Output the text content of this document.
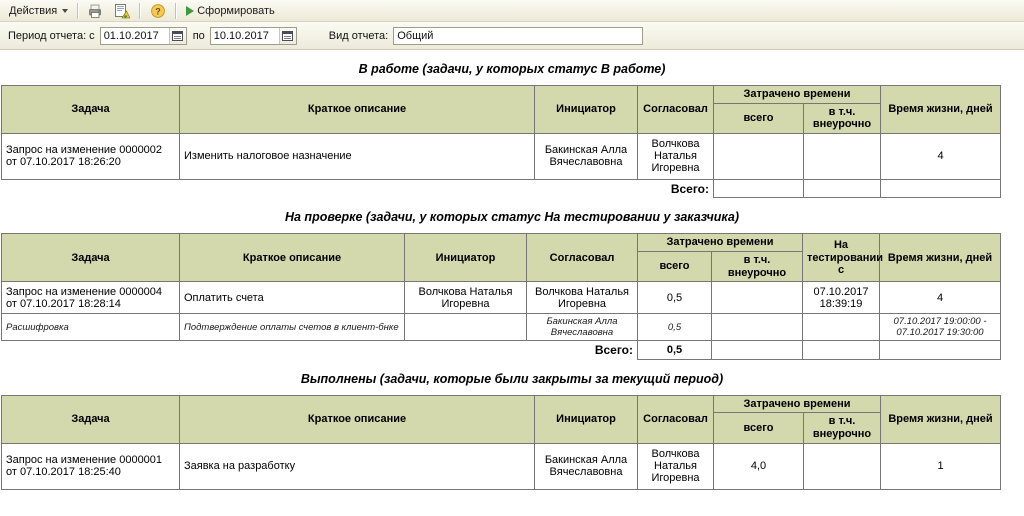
Действия	?	Сформировать
Период отчета: с
01.10.2017	по
10.10.2017	Вид отчета:
Общий
В работе (задачи, у которых статус В работе)
Задача	Краткое описание	Инициатор	Согласовал	Затрачено времени		Время жизни, дней
				всего	в т.ч. внеурочно	
Запрос на изменение 0000002 от 07.10.2017 18:26:20	Изменить налоговое назначение	Бакинская Алла Вячеславовна	Волчкова Наталья Игоревна			4
Всего:						
На проверке (задачи, у которых статус На тестировании у заказчика)
Задача	Краткое описание	Инициатор	Согласовал	Затрачено времени		На тестировании с	Время жизни, дней
				всего	в т.ч. внеурочно		
Запрос на изменение 0000004 от 07.10.2017 18:28:14	Оплатить счета	Волчкова Наталья Игоревна	Волчкова Наталья Игоревна	0,5		07.10.2017 18:39:19	4
Расшифровка	Подтверждение оплаты счетов в клиент-бнке		Бакинская Алла Вячеславовна	0,5			07.10.2017 19:00:00 - 07.10.2017 19:30:00
Всего:				0,5			
Выполнены (задачи, которые были закрыты за текущий период)
Задача	Краткое описание	Инициатор	Согласовал	Затрачено времени		Время жизни, дней
				всего	в т.ч. внеурочно	
Запрос на изменение 0000001 от 07.10.2017 18:25:40	Заявка на разработку	Бакинская Алла Вячеславовна	Волчкова Наталья Игоревна	4,0		1
